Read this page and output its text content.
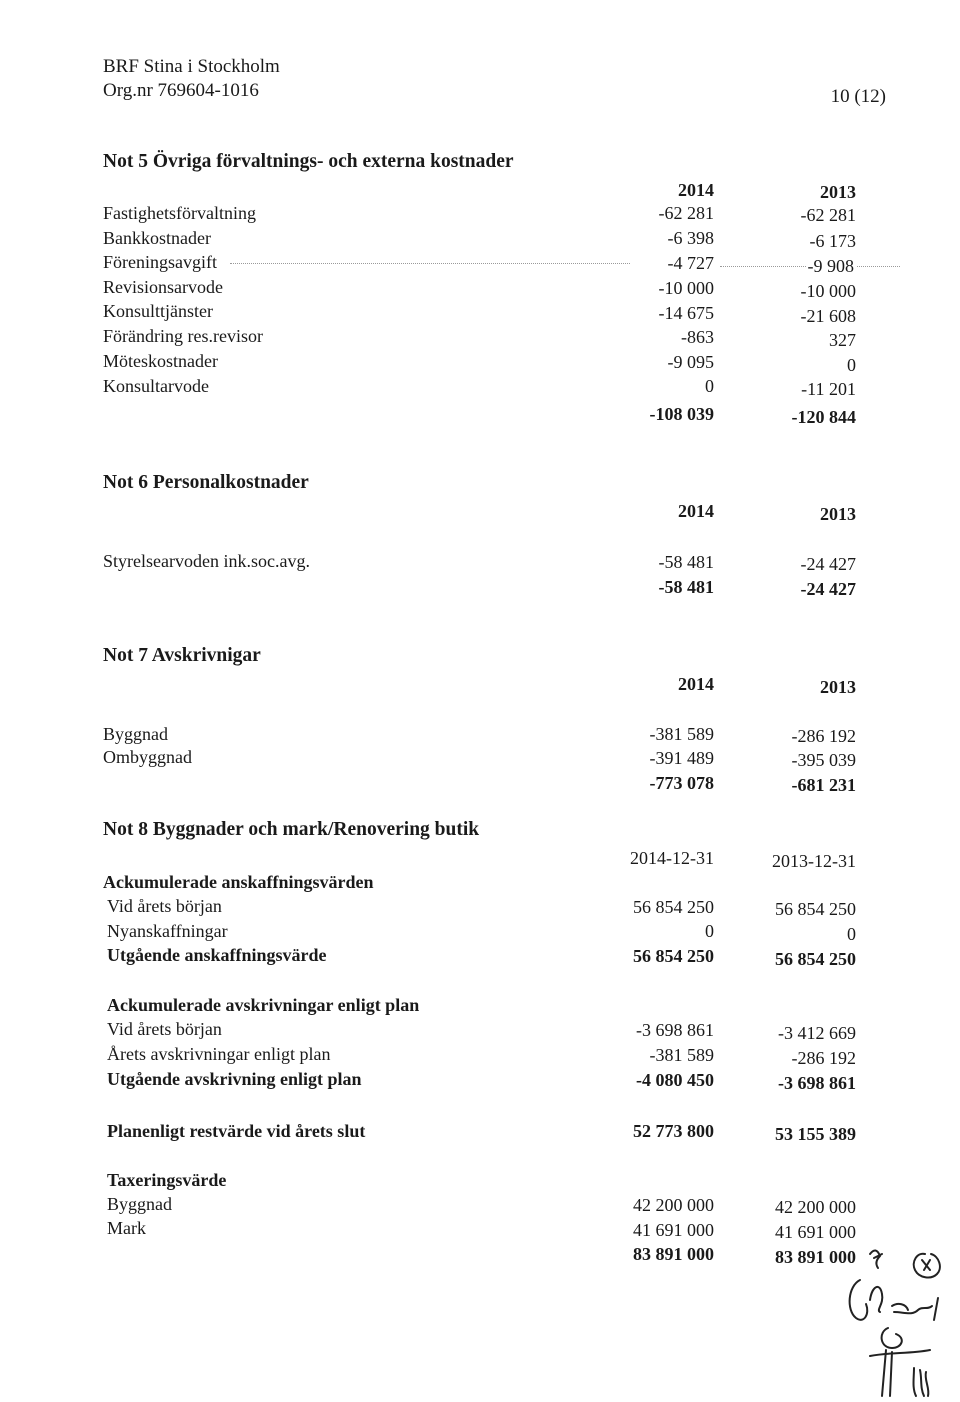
BRF Stina i Stockholm
Org.nr 769604-1016	10 (12)
Not 5 Övriga förvaltnings- och externa kostnader
2014	2013
Fastighetsförvaltning	-62 281	-62 281
Bankkostnader	-6 398	-6 173
Föreningsavgift	-4 727	-9 908
Revisionsarvode	-10 000	-10 000
Konsulttjänster	-14 675	-21 608
Förändring res.revisor	-863	327
Möteskostnader	-9 095	0
Konsultarvode	0	-11 201
-108 039	-120 844
Not 6 Personalkostnader
2014	2013
Styrelsearvoden ink.soc.avg.	-58 481	-24 427
-58 481	-24 427
Not 7 Avskrivnigar
2014	2013
Byggnad	-381 589	-286 192
Ombyggnad	-391 489	-395 039
-773 078	-681 231
Not 8 Byggnader och mark/Renovering butik
2014-12-31	2013-12-31
Ackumulerade anskaffningsvärden
Vid årets början	56 854 250	56 854 250
Nyanskaffningar	0	0
Utgående anskaffningsvärde	56 854 250	56 854 250
Ackumulerade avskrivningar enligt plan
Vid årets början	-3 698 861	-3 412 669
Årets avskrivningar enligt plan	-381 589	-286 192
Utgående avskrivning enligt plan	-4 080 450	-3 698 861
Planenligt restvärde vid årets slut	52 773 800	53 155 389
Taxeringsvärde
Byggnad	42 200 000	42 200 000
Mark	41 691 000	41 691 000
83 891 000	83 891 000
